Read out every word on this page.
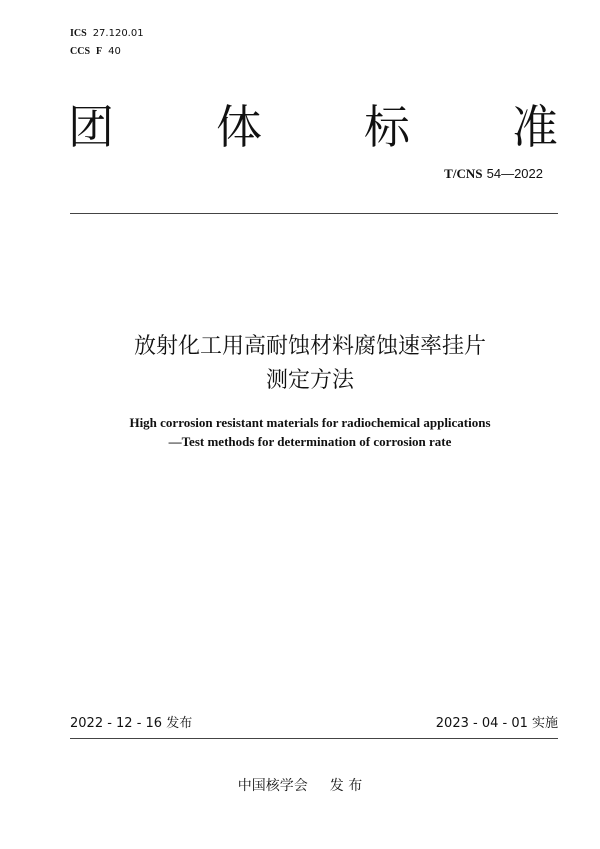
ICS 27.120.01
CCS F 40
团 体 标 准
T/CNS 54—2022
放射化工用高耐蚀材料腐蚀速率挂片
测定方法
High corrosion resistant materials for radiochemical applications
—Test methods for determination of corrosion rate
2022 - 12 - 16 发布	2023 - 04 - 01 实施
中国核学会 发 布
